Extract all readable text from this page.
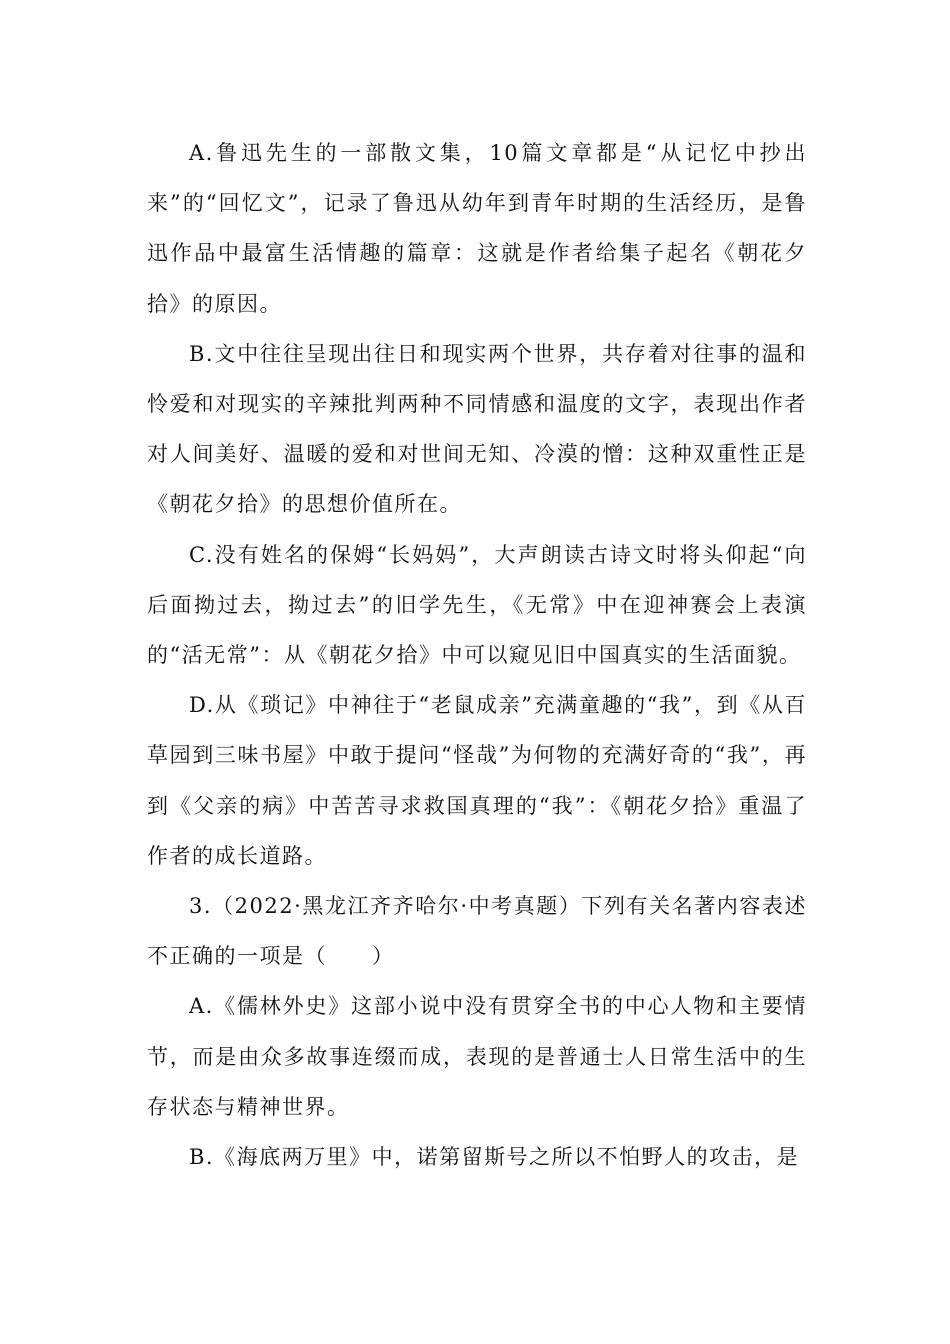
A.鲁迅先生的一部散文集，10篇文章都是“从记忆中抄出来”的“回忆文”，记录了鲁迅从幼年到青年时期的生活经历，是鲁迅作品中最富生活情趣的篇章：这就是作者给集子起名《朝花夕拾》的原因。

B.文中往往呈现出往日和现实两个世界，共存着对往事的温和怜爱和对现实的辛辣批判两种不同情感和温度的文字，表现出作者对人间美好、温暖的爱和对世间无知、冷漠的憎：这种双重性正是《朝花夕拾》的思想价值所在。

C.没有姓名的保姆“长妈妈”，大声朗读古诗文时将头仰起“向后面拗过去，拗过去”的旧学先生，《无常》中在迎神赛会上表演的“活无常”：从《朝花夕拾》中可以窥见旧中国真实的生活面貌。

D.从《琐记》中神往于“老鼠成亲”充满童趣的“我”，到《从百草园到三味书屋》中敢于提问“怪哉”为何物的充满好奇的“我”，再到《父亲的病》中苦苦寻求救国真理的“我”：《朝花夕拾》重温了作者的成长道路。

3.（2022·黑龙江齐齐哈尔·中考真题）下列有关名著内容表述不正确的一项是（　　）

A.《儒林外史》这部小说中没有贯穿全书的中心人物和主要情节，而是由众多故事连缀而成，表现的是普通士人日常生活中的生存状态与精神世界。

B.《海底两万里》中，诺第留斯号之所以不怕野人的攻击，是
